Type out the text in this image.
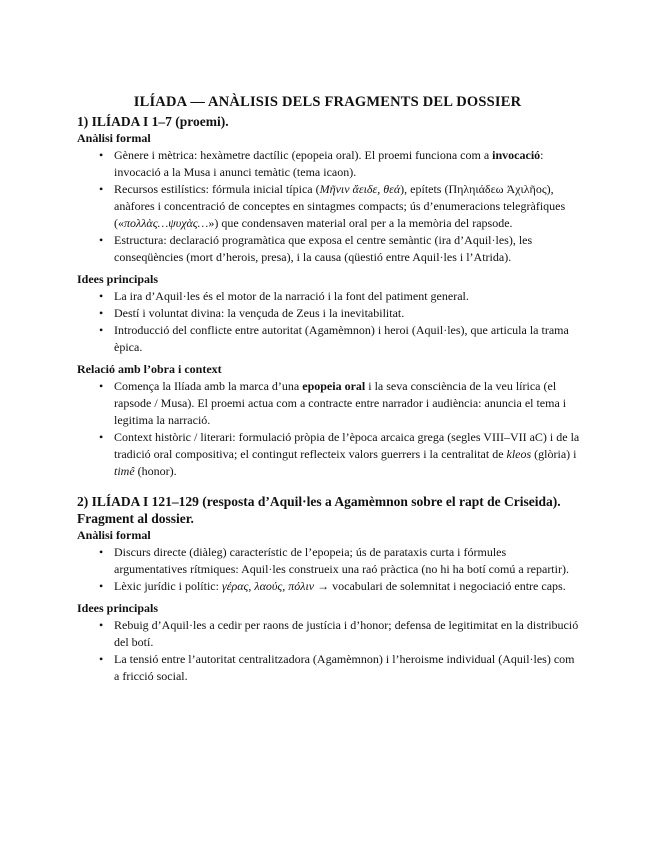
ILÍADA — ANÀLISIS DELS FRAGMENTS DEL DOSSIER
1) ILÍADA I 1–7 (proemi).
Anàlisi formal
• Gènere i mètrica: hexàmetre dactílic (epopeia oral). El proemi funciona com a invocació: invocació a la Musa i anunci temàtic (tema icaon).
• Recursos estilístics: fórmula inicial típica (Μῆνιν ἄειδε, θεά), epítets (Πηληιάδεω Ἀχιλῆος), anàfores i concentració de conceptes en sintagmes compacts; ús d’enumeracions telegràfiques («πολλὰς…ψυχὰς…») que condensaven material oral per a la memòria del rapsode.
• Estructura: declaració programàtica que exposa el centre semàntic (ira d’Aquil·les), les conseqüències (mort d’herois, presa), i la causa (qüestió entre Aquil·les i l’Atrida).
Idees principals
• La ira d’Aquil·les és el motor de la narració i la font del patiment general.
• Destí i voluntat divina: la vençuda de Zeus i la inevitabilitat.
• Introducció del conflicte entre autoritat (Agamèmnon) i heroi (Aquil·les), que articula la trama èpica.
Relació amb l’obra i context
• Comença la Ilíada amb la marca d’una epopeia oral i la seva consciència de la veu lírica (el rapsode / Musa). El proemi actua com a contracte entre narrador i audiència: anuncia el tema i legitima la narració.
• Context històric / literari: formulació pròpia de l’època arcaica grega (segles VIII–VII aC) i de la tradició oral compositiva; el contingut reflecteix valors guerrers i la centralitat de kleos (glòria) i timê (honor).
2) ILÍADA I 121–129 (resposta d’Aquil·les a Agamèmnon sobre el rapt de Criseida).
Fragment al dossier.
Anàlisi formal
• Discurs directe (diàleg) característic de l’epopeia; ús de parataxis curta i fórmules argumentatives rítmiques: Aquil·les construeix una raó pràctica (no hi ha botí comú a repartir).
• Lèxic jurídic i polític: γέρας, λαούς, πόλιν → vocabulari de solemnitat i negociació entre caps.
Idees principals
• Rebuig d’Aquil·les a cedir per raons de justícia i d’honor; defensa de legitimitat en la distribució del botí.
• La tensió entre l’autoritat centralitzadora (Agamèmnon) i l’heroisme individual (Aquil·les) com a fricció social.
